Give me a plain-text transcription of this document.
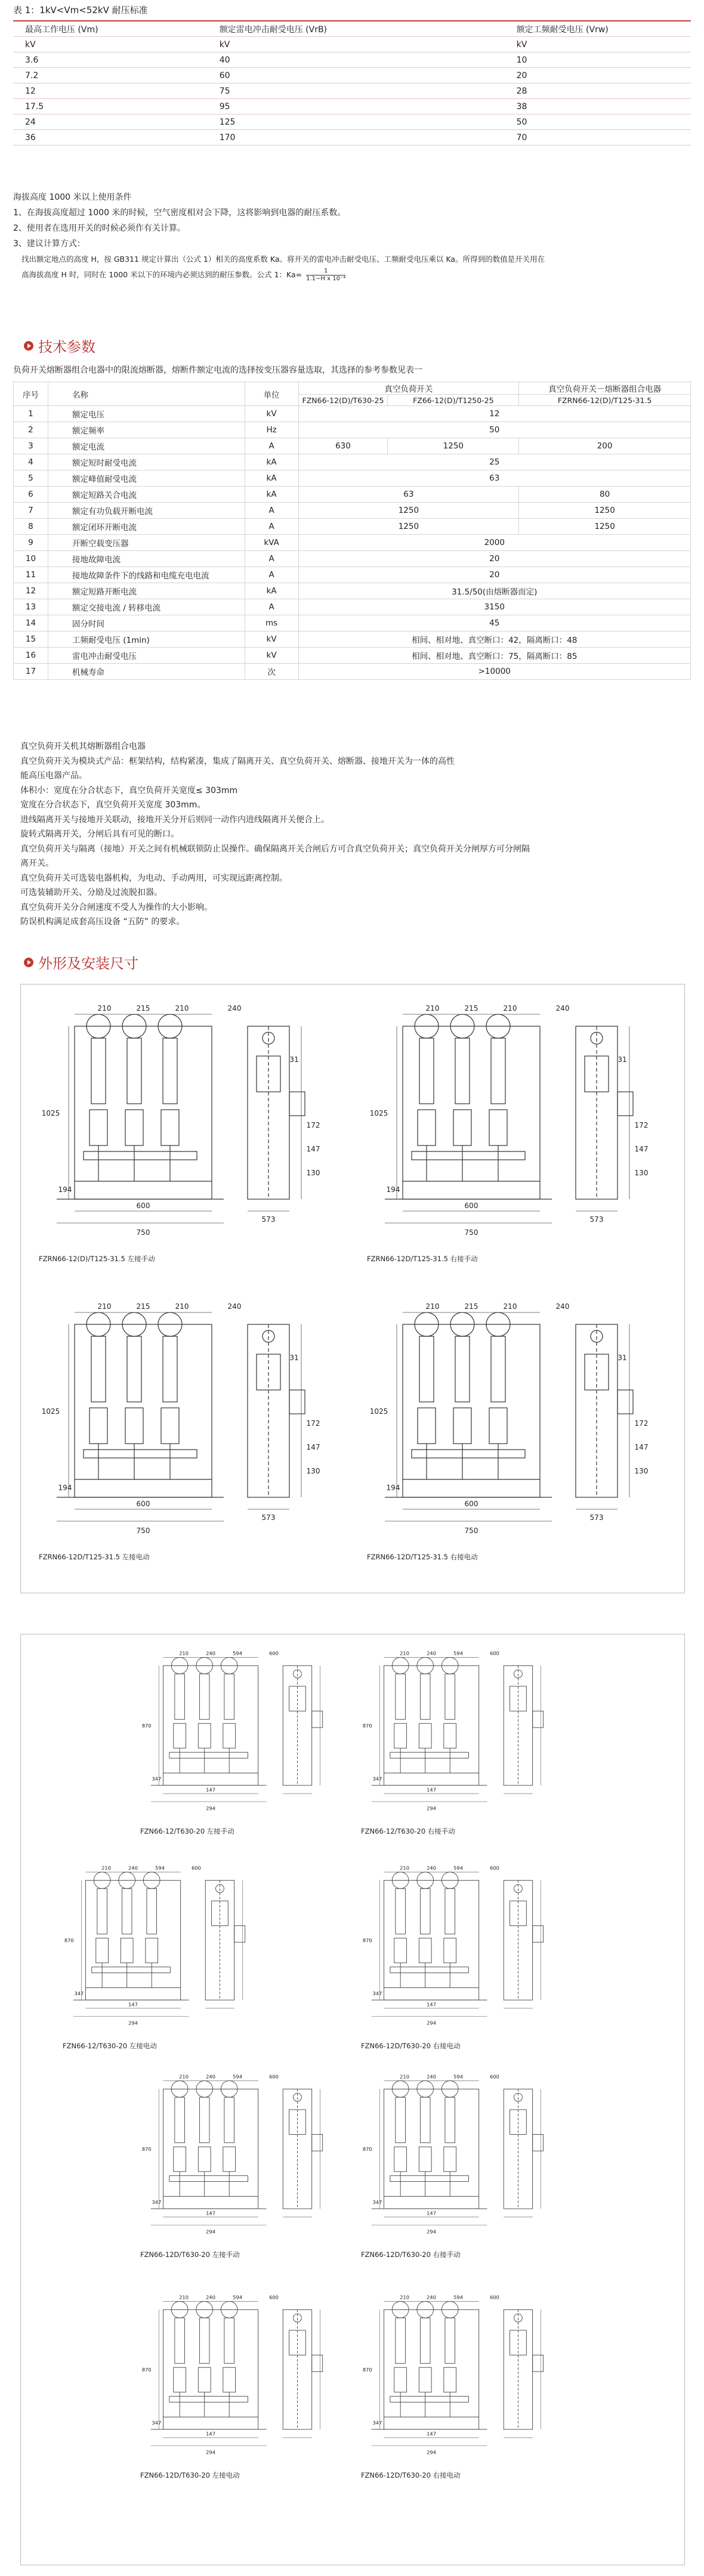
表 1：1kV<Vm<52kV 耐压标准
最高工作电压 (Vm)	额定雷电冲击耐受电压 (VrB)	额定工频耐受电压 (Vrw)
kV	kV	kV
3.6	40	10
7.2	60	20
12	75	28
17.5	95	38
24	125	50
36	170	70
海拔高度 1000 米以上使用条件
1、在海拔高度超过 1000 米的时候，空气密度相对会下降，这将影响到电器的耐压系数。
2、使用者在选用开关的时候必须作有关计算。
3、建议计算方式：
找出额定地点的高度 H，按 GB311 规定计算出（公式 1）相关的高度系数 Ka。将开关的雷电冲击耐受电压、工频耐受电压乘以 Ka。所得到的数值是开关用在
高海拔高度 H 时，同时在 1000 米以下的环境内必须达到的耐压参数。公式 1：$Ka= \frac{1}{\text{1.1−H x 10⁻⁴}}$
技术参数
负荷开关熔断器组合电器中的限流熔断器，熔断件额定电流的选择按变压器容量选取，其选择的参考参数见表一
序号	名称	单位	真空负荷开关		真空负荷开关－熔断器组合电器
			FZN66-12(D)/T630-25	FZ66-12(D)/T1250-25	FZRN66-12(D)/T125-31.5
1	额定电压	kV	12		
2	额定频率	Hz	50		
3	额定电流	A	630	1250	200
4	额定短时耐受电流	kA	25		
5	额定峰值耐受电流	kA	63		
6	额定短路关合电流	kA	63		80
7	额定有功负载开断电流	A	1250		1250
8	额定闭环开断电流	A	1250		1250
9	开断空载变压器	kVA	2000		
10	接地故障电流	A	20		
11	接地故障条件下的线路和电缆充电电流	A	20		
12	额定短路开断电流	kA	31.5/50(由熔断器而定)		
13	额定交接电流 / 转移电流	A	3150		
14	固分时间	ms	45		
15	工频耐受电压 (1min)	kV	相间、相对地、真空断口：42，隔离断口：48		
16	雷电冲击耐受电压	kV	相间、相对地、真空断口：75，隔离断口：85		
17	机械寿命	次	>10000		

真空负荷开关机其熔断器组合电器

真空负荷开关为模块式产品：框架结构，结构紧凑，集成了隔离开关、真空负荷开关、熔断器、接地开关为一体的高性

能高压电器产品。

体积小：宽度在分合状态下，真空负荷开关宽度≤ 303mm

宽度在分合状态下，真空负荷开关宽度 303mm。

进线隔离开关与接地开关联动，接地开关分开后则同一动作内进线隔离开关便合上。

旋转式隔离开关，分闸后具有可见的断口。

真空负荷开关与隔离（接地）开关之间有机械联锁防止误操作。确保隔离开关合闸后方可合真空负荷开关；真空负荷开关分闸厚方可分闸隔

离开关。

真空负荷开关可选装电器机构，为电动、手动两用，可实现远距离控制。

可选装辅助开关、分励及过流脱扣器。

真空负荷开关分合闸速度不受人为操作的大小影响。

防误机构满足成套高压设备 “五防” 的要求。

外形及安装尺寸
210	215	210	240
1025
194
600
750
573
31
172
147
130
FZRN66-12(D)/T125-31.5 左接手动
210	215	210	240
1025
194
600
750
573
31
172
147
130
FZRN66-12D/T125-31.5 右接手动
210	215	210	240
1025
194
600
750
573
31
172
147
130
FZRN66-12D/T125-31.5 左接电动
210	215	210	240
1025
194
600
750
573
31
172
147
130
FZRN66-12D/T125-31.5 右接电动
210 240 594	600
870
347
147
294
FZN66-12/T630-20 左接手动
210 240 594	600
870
347
147
294
FZN66-12/T630-20 右接手动
210 240 594	600
870
347
147
294
FZN66-12/T630-20 左接电动
210 240 594	600
870
347
147
294
FZN66-12D/T630-20 右接电动
210 240 594	600
870
347
147
294
FZN66-12D/T630-20 左接手动
210 240 594	600
870
347
147
294
FZN66-12D/T630-20 右接手动
210 240 594	600
870
347
147
294
FZN66-12D/T630-20 左接电动
210 240 594	600
870
347
147
294
FZN66-12D/T630-20 右接电动
